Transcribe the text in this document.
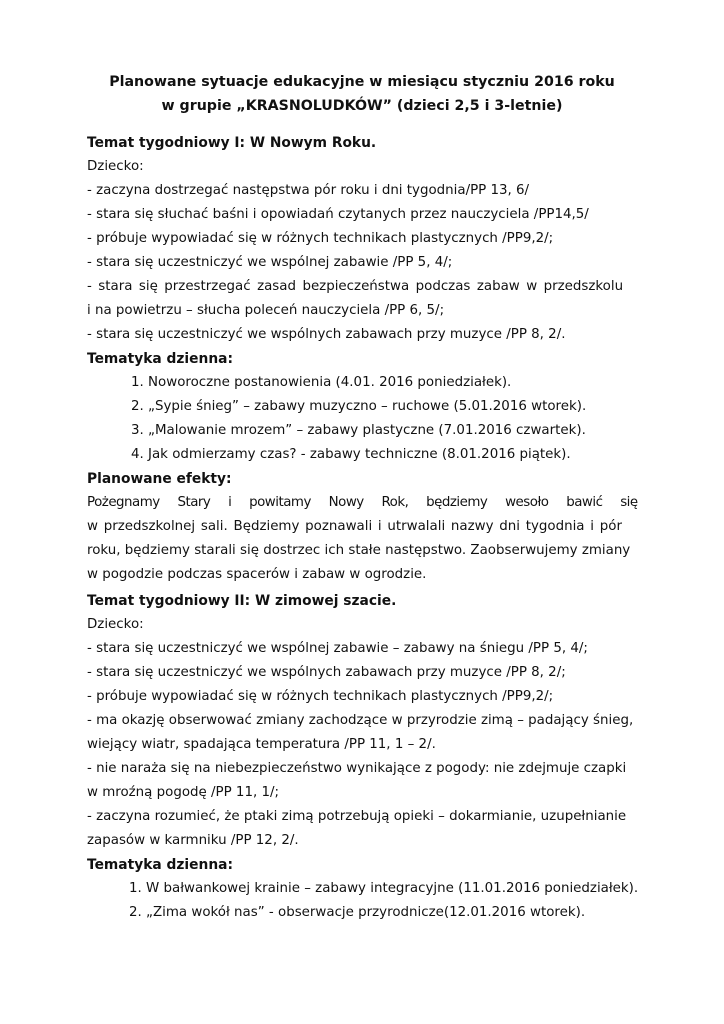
Planowane sytuacje edukacyjne w miesiącu styczniu 2016 roku
w grupie „KRASNOLUDKÓW” (dzieci 2,5 i 3-letnie)

Temat tygodniowy I: W Nowym Roku.

Dziecko:

- zaczyna dostrzegać następstwa pór roku i dni tygodnia/PP 13, 6/

- stara się słuchać baśni i opowiadań czytanych przez nauczyciela /PP14,5/

- próbuje wypowiadać się w różnych technikach plastycznych /PP9,2/;

- stara się uczestniczyć we wspólnej zabawie /PP 5, 4/;

- stara się przestrzegać zasad bezpieczeństwa podczas zabaw w przedszkolu

i na powietrzu – słucha poleceń nauczyciela /PP 6, 5/;

- stara się uczestniczyć we wspólnych zabawach przy muzyce /PP 8, 2/.

Tematyka dzienna:

1. Noworoczne postanowienia (4.01. 2016 poniedziałek).

2. „Sypie śnieg” – zabawy muzyczno – ruchowe (5.01.2016 wtorek).

3. „Malowanie mrozem” – zabawy plastyczne (7.01.2016 czwartek).

4. Jak odmierzamy czas? - zabawy techniczne (8.01.2016 piątek).

Planowane efekty:

Pożegnamy Stary i powitamy Nowy Rok, będziemy wesoło bawić się

w przedszkolnej sali. Będziemy poznawali i utrwalali nazwy dni tygodnia i pór

roku, będziemy starali się dostrzec ich stałe następstwo. Zaobserwujemy zmiany

w pogodzie podczas spacerów i zabaw w ogrodzie.

Temat tygodniowy II: W zimowej szacie.

Dziecko:

- stara się uczestniczyć we wspólnej zabawie – zabawy na śniegu /PP 5, 4/;

- stara się uczestniczyć we wspólnych zabawach przy muzyce /PP 8, 2/;

- próbuje wypowiadać się w różnych technikach plastycznych /PP9,2/;

- ma okazję obserwować zmiany zachodzące w przyrodzie zimą – padający śnieg,

wiejący wiatr, spadająca temperatura /PP 11, 1 – 2/.

- nie naraża się na niebezpieczeństwo wynikające z pogody: nie zdejmuje czapki

w mroźną pogodę /PP 11, 1/;

- zaczyna rozumieć, że ptaki zimą potrzebują opieki – dokarmianie, uzupełnianie

zapasów w karmniku /PP 12, 2/.

Tematyka dzienna:

1. W bałwankowej krainie – zabawy integracyjne (11.01.2016 poniedziałek).

2. „Zima wokół nas” - obserwacje przyrodnicze(12.01.2016 wtorek).
